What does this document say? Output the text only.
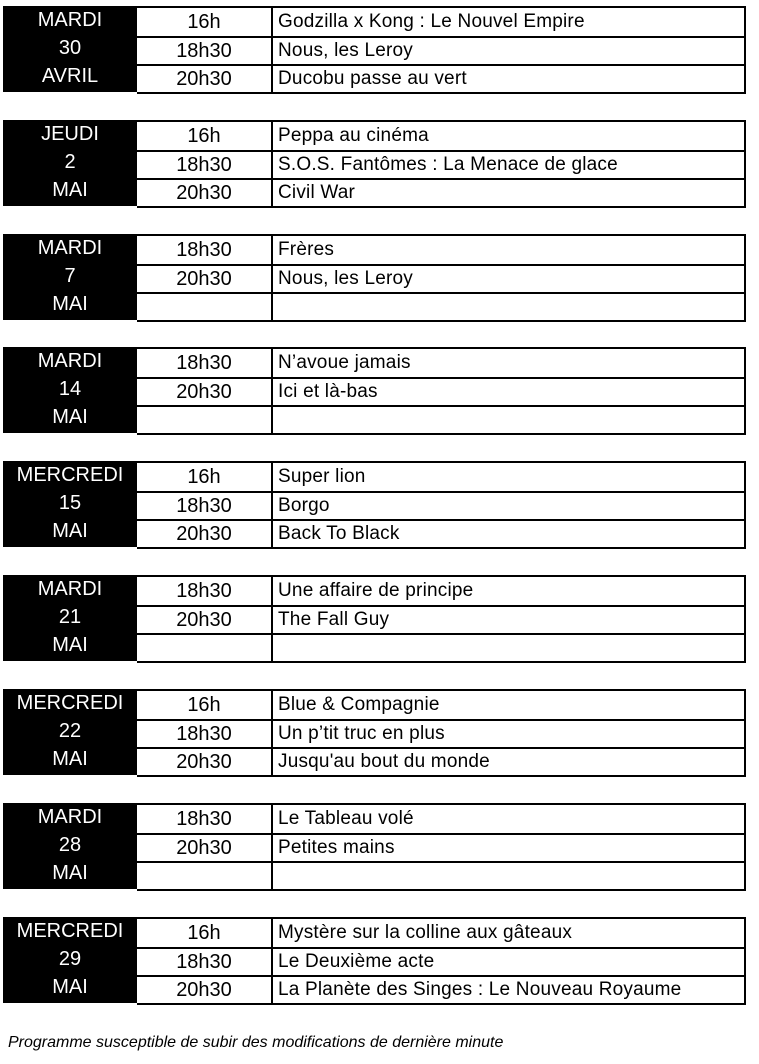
MARDI
30
AVRIL
16h	Godzilla x Kong : Le Nouvel Empire
18h30	Nous, les Leroy
20h30	Ducobu passe au vert
JEUDI
2
MAI
16h	Peppa au cinéma
18h30	S.O.S. Fantômes : La Menace de glace
20h30	Civil War
MARDI
7
MAI
18h30	Frères
20h30	Nous, les Leroy
MARDI
14
MAI
18h30	N’avoue jamais
20h30	Ici et là-bas
MERCREDI
15
MAI
16h	Super lion
18h30	Borgo
20h30	Back To Black
MARDI
21
MAI
18h30	Une affaire de principe
20h30	The Fall Guy
MERCREDI
22
MAI
16h	Blue & Compagnie
18h30	Un p’tit truc en plus
20h30	Jusqu'au bout du monde
MARDI
28
MAI
18h30	Le Tableau volé
20h30	Petites mains
MERCREDI
29
MAI
16h	Mystère sur la colline aux gâteaux
18h30	Le Deuxième acte
20h30	La Planète des Singes : Le Nouveau Royaume
Programme susceptible de subir des modifications de dernière minute
